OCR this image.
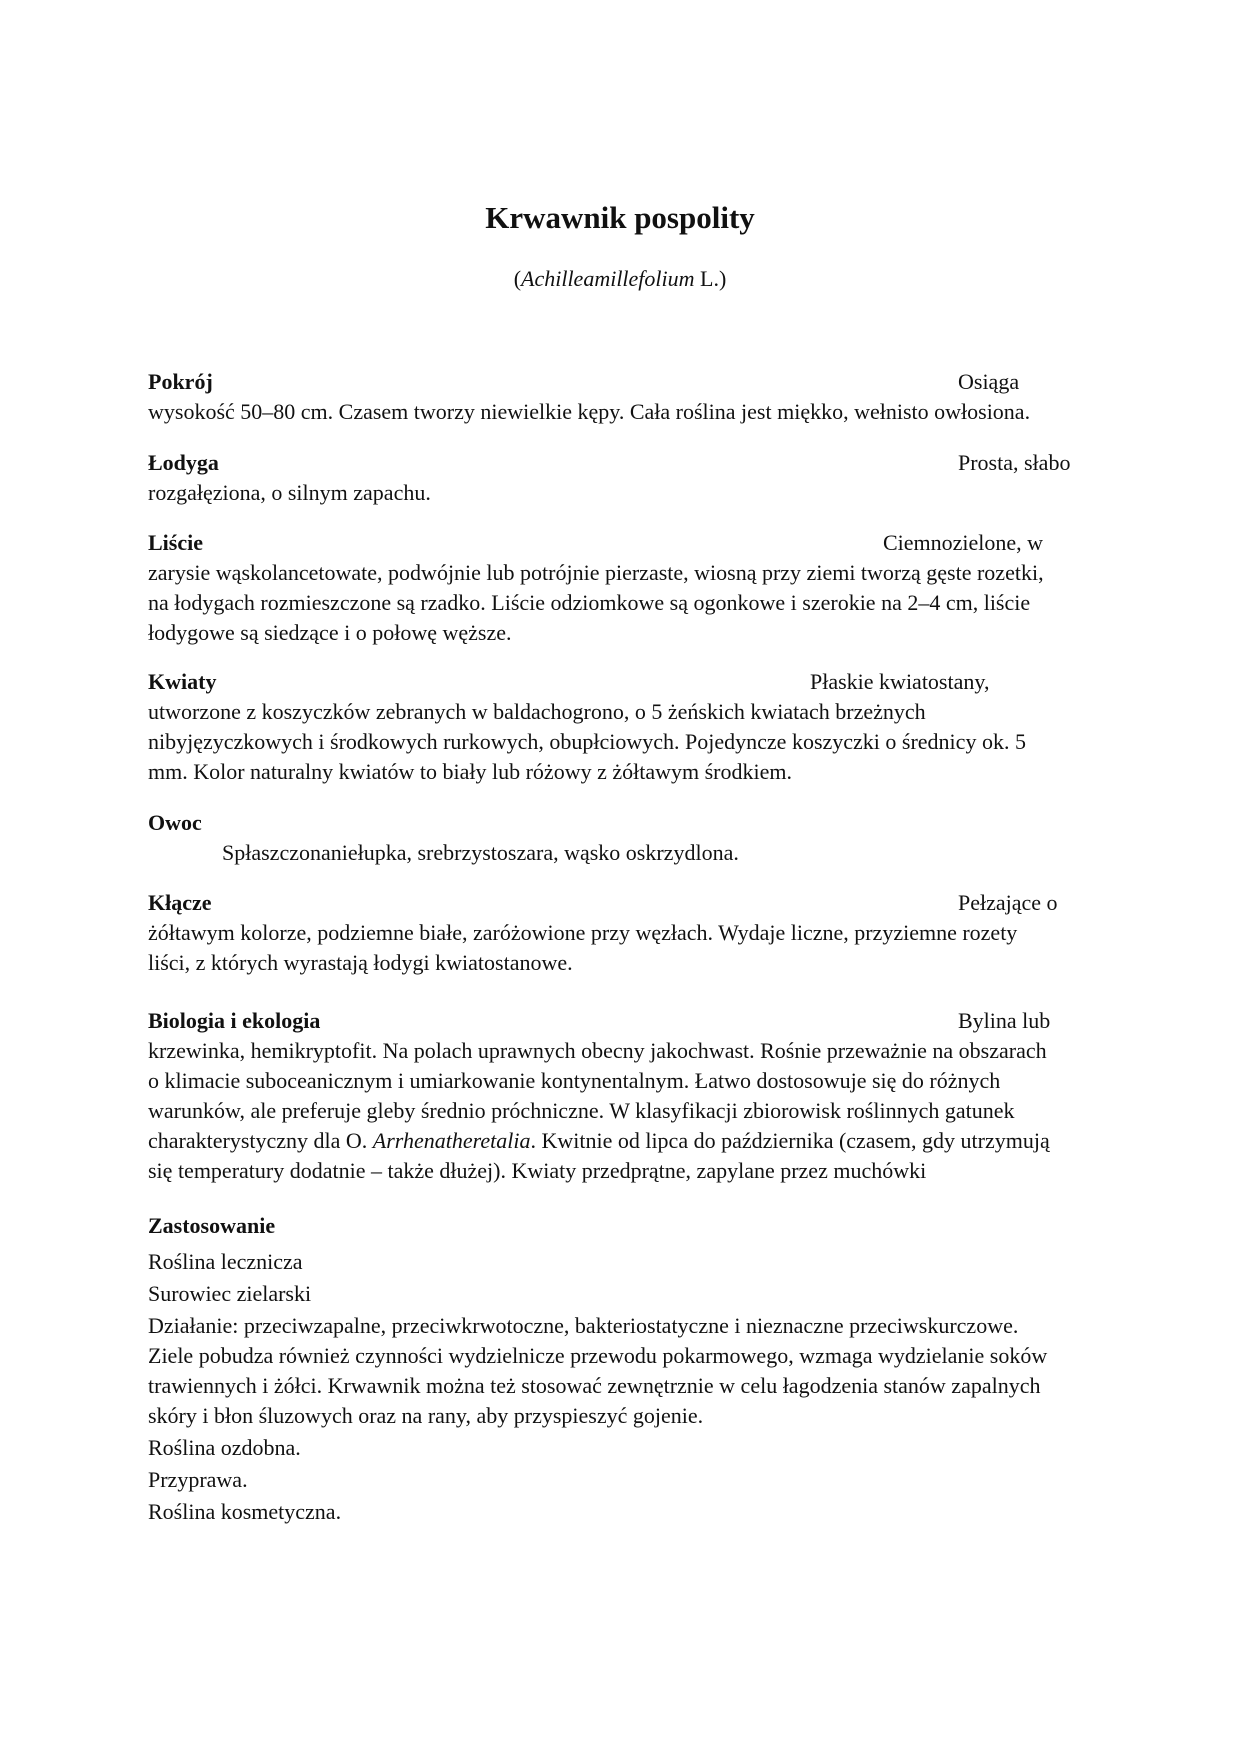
Krwawnik pospolity
(Achilleamillefolium L.)
Pokrój	Osiąga
wysokość 50–80 cm. Czasem tworzy niewielkie kępy. Cała roślina jest miękko, wełnisto owłosiona.
Łodyga	Prosta, słabo
rozgałęziona, o silnym zapachu.
Liście	Ciemnozielone, w
zarysie wąskolancetowate, podwójnie lub potrójnie pierzaste, wiosną przy ziemi tworzą gęste rozetki,
na łodygach rozmieszczone są rzadko. Liście odziomkowe są ogonkowe i szerokie na 2–4 cm, liście
łodygowe są siedzące i o połowę węższe.
Kwiaty	Płaskie kwiatostany,
utworzone z koszyczków zebranych w baldachogrono, o 5 żeńskich kwiatach brzeżnych
nibyjęzyczkowych i środkowych rurkowych, obupłciowych. Pojedyncze koszyczki o średnicy ok. 5
mm. Kolor naturalny kwiatów to biały lub różowy z żółtawym środkiem.
Owoc
Spłaszczonaniełupka, srebrzystoszara, wąsko oskrzydlona.
Kłącze	Pełzające o
żółtawym kolorze, podziemne białe, zaróżowione przy węzłach. Wydaje liczne, przyziemne rozety
liści, z których wyrastają łodygi kwiatostanowe.
Biologia i ekologia	Bylina lub
krzewinka, hemikryptofit. Na polach uprawnych obecny jakochwast. Rośnie przeważnie na obszarach
o klimacie suboceanicznym i umiarkowanie kontynentalnym. Łatwo dostosowuje się do różnych
warunków, ale preferuje gleby średnio próchniczne. W klasyfikacji zbiorowisk roślinnych gatunek
charakterystyczny dla O. Arrhenatheretalia. Kwitnie od lipca do października (czasem, gdy utrzymują
się temperatury dodatnie – także dłużej). Kwiaty przedprątne, zapylane przez muchówki
Zastosowanie
Roślina lecznicza
Surowiec zielarski
Działanie: przeciwzapalne, przeciwkrwotoczne, bakteriostatyczne i nieznaczne przeciwskurczowe.
Ziele pobudza również czynności wydzielnicze przewodu pokarmowego, wzmaga wydzielanie soków
trawiennych i żółci. Krwawnik można też stosować zewnętrznie w celu łagodzenia stanów zapalnych
skóry i błon śluzowych oraz na rany, aby przyspieszyć gojenie.
Roślina ozdobna.
Przyprawa.
Roślina kosmetyczna.
